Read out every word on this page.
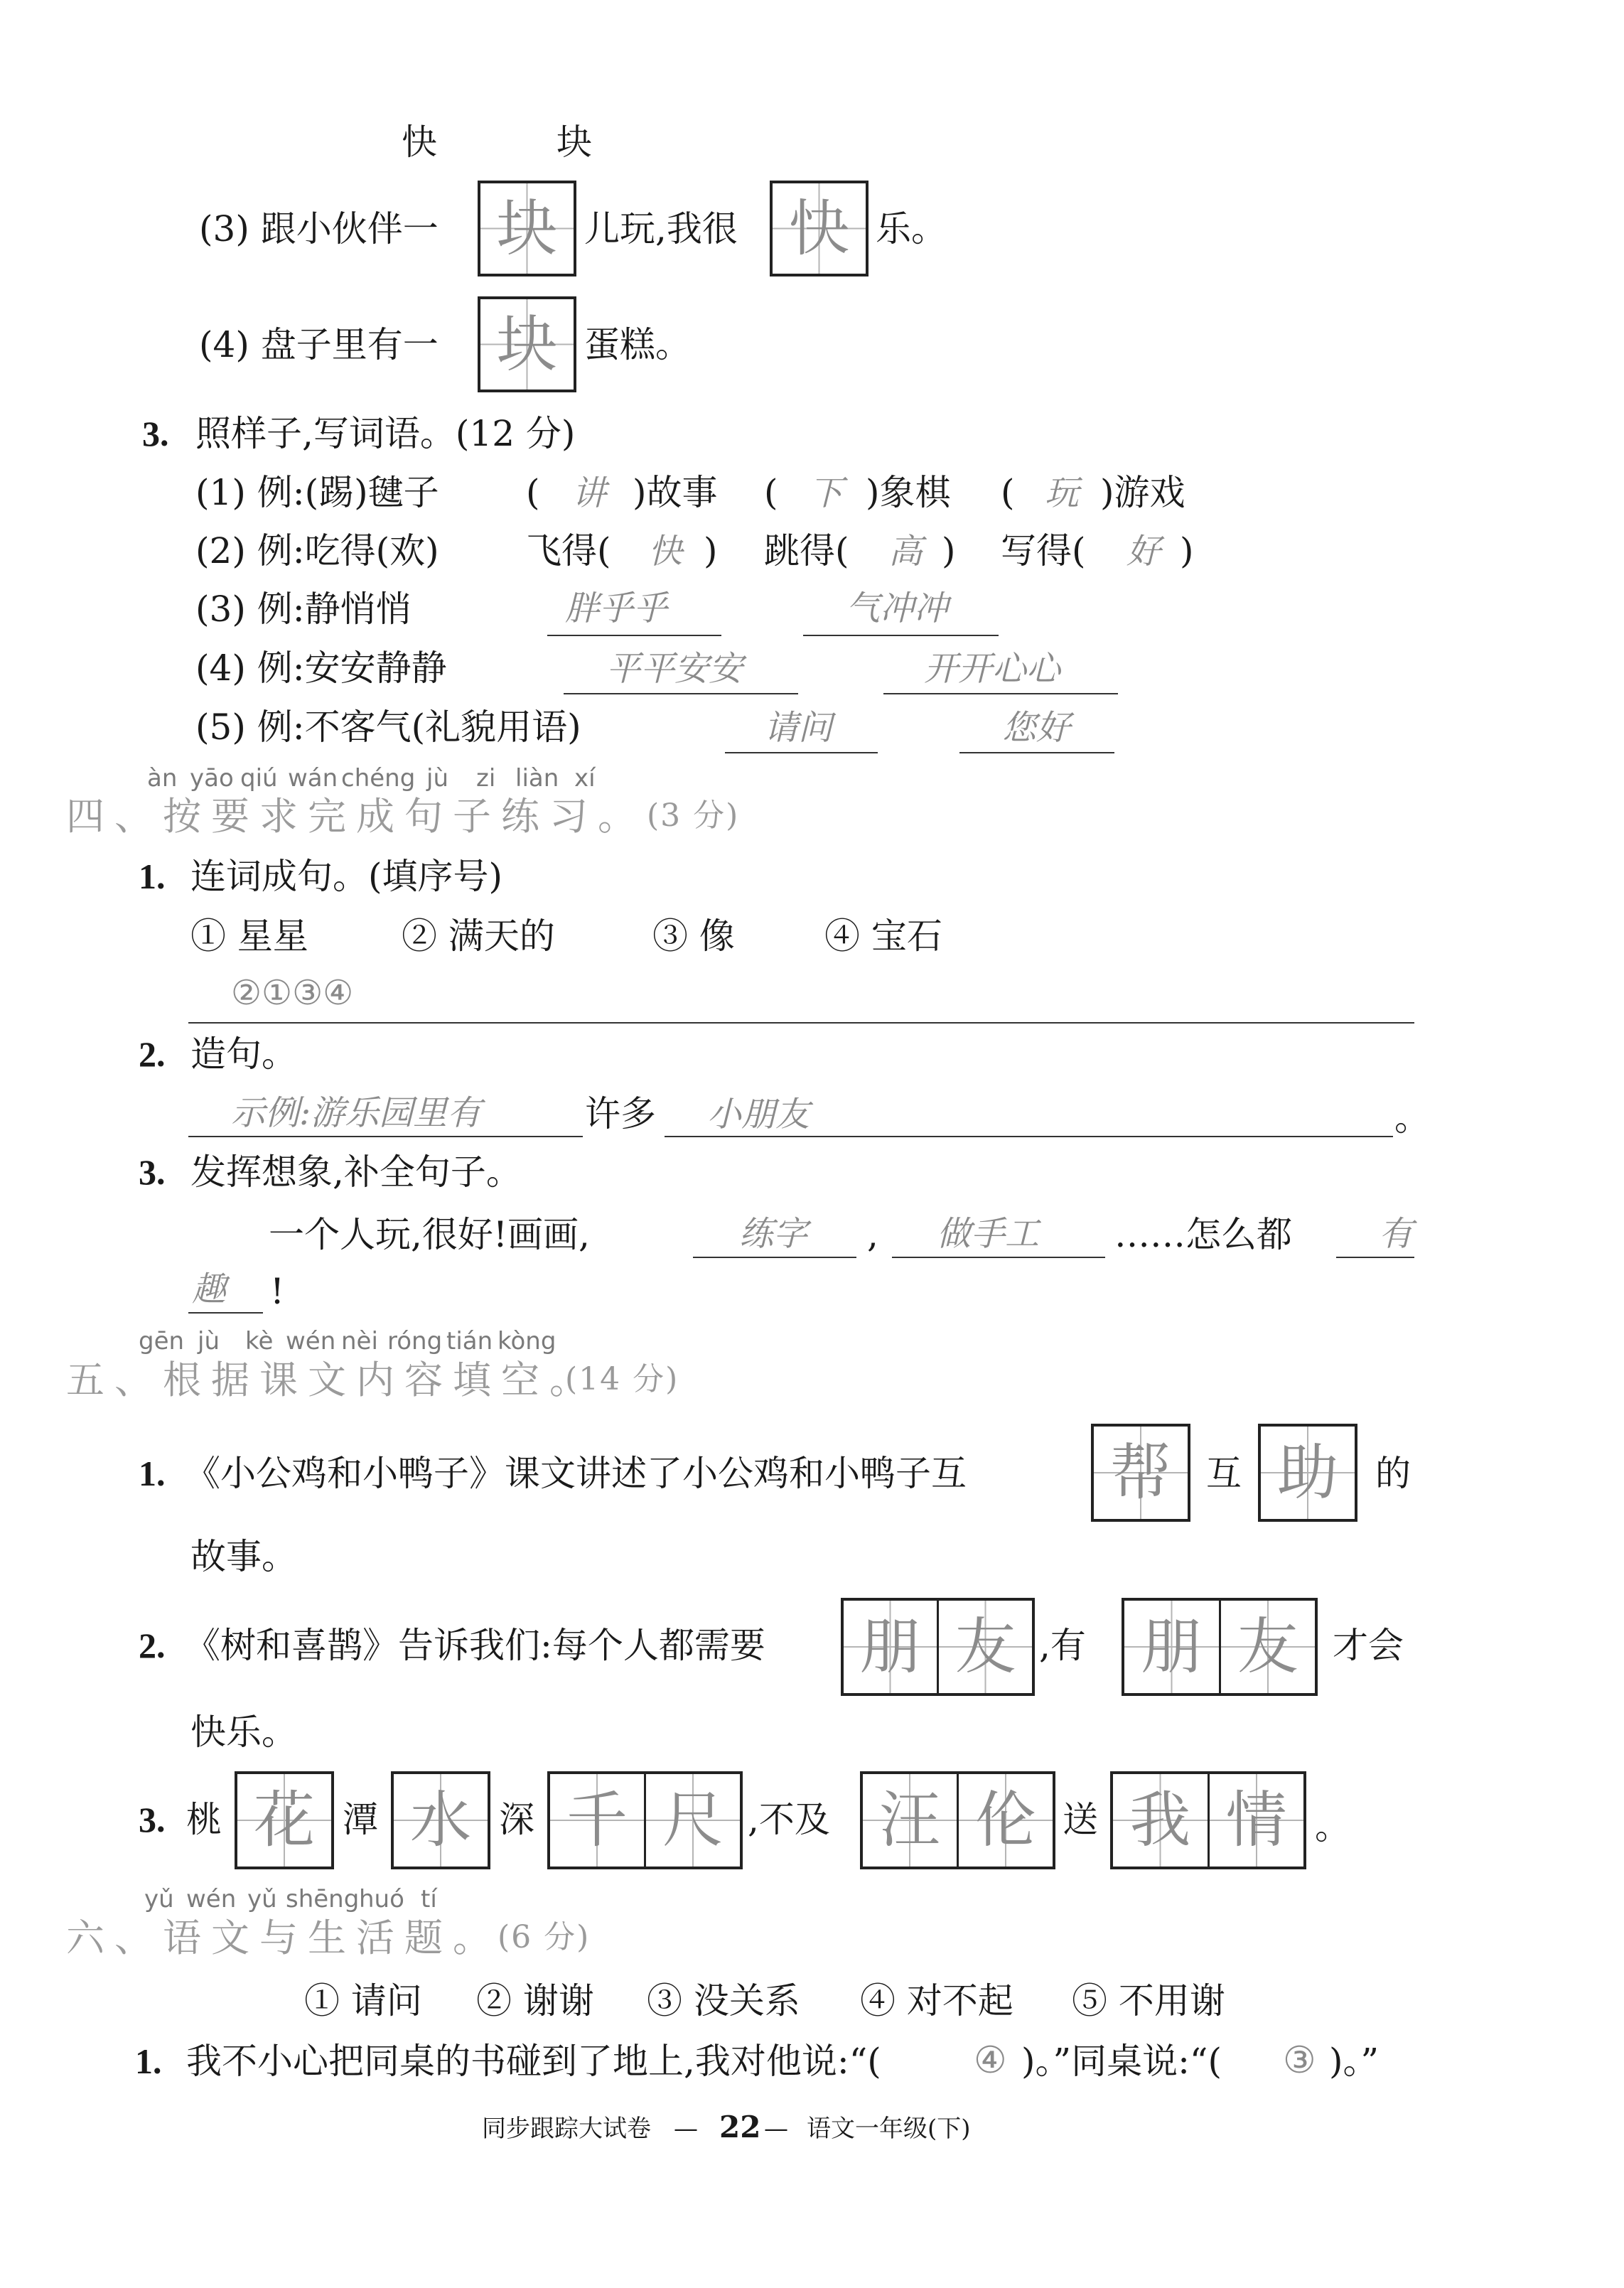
快	块
(3) 跟小伙伴一 块 儿玩,我很 快 乐。
(4) 盘子里有一 块 蛋糕。
3. 照样子,写词语。(12 分)
(1) 例:(踢)毽子 ( 讲 )故事 ( 下 )象棋 ( 玩 )游戏
(2) 例:吃得(欢) 飞得( 快 ) 跳得( 高 ) 写得( 好 )
(3) 例:静悄悄	胖乎乎	气冲冲
(4) 例:安安静静	平平安安	开开心心
(5) 例:不客气(礼貌用语)	请问	您好
àn yāo qiú wán chéng jù zi liàn xí
四、按要求完成句子练习。 (3 分)
1. 连词成句。(填序号)
① 星星	② 满天的	③ 像	④ 宝石
②①③④
2. 造句。
示例:游乐园里有	许多 小朋友	。
3. 发挥想象,补全句子。
一个人玩,很好!画画,	练字 , 做手工 ……怎么都	有
趣 !
gēn jù kè wén nèi róng tián kòng
五、根据课文内容填空。
(14 分)
1. 《小公鸡和小鸭子》课文讲述了小公鸡和小鸭子互 帮 互 助 的
故事。
2. 《树和喜鹊》告诉我们:每个人都需要 朋 友 ,有 朋 友 才会
快乐。
3. 桃 花 潭 水 深 千 尺 ,不及 汪 伦 送 我 情 。
yǔ wén yǔ shēng huó tí
六、语文与生活题。
(6 分)
① 请问 ② 谢谢 ③ 没关系 ④ 对不起 ⑤ 不用谢
1. 我不小心把同桌的书碰到了地上,我对他说:“(	④ )。”同桌说:“( ③ )。”
同步跟踪大试卷 — 22 — 语文一年级(下)
